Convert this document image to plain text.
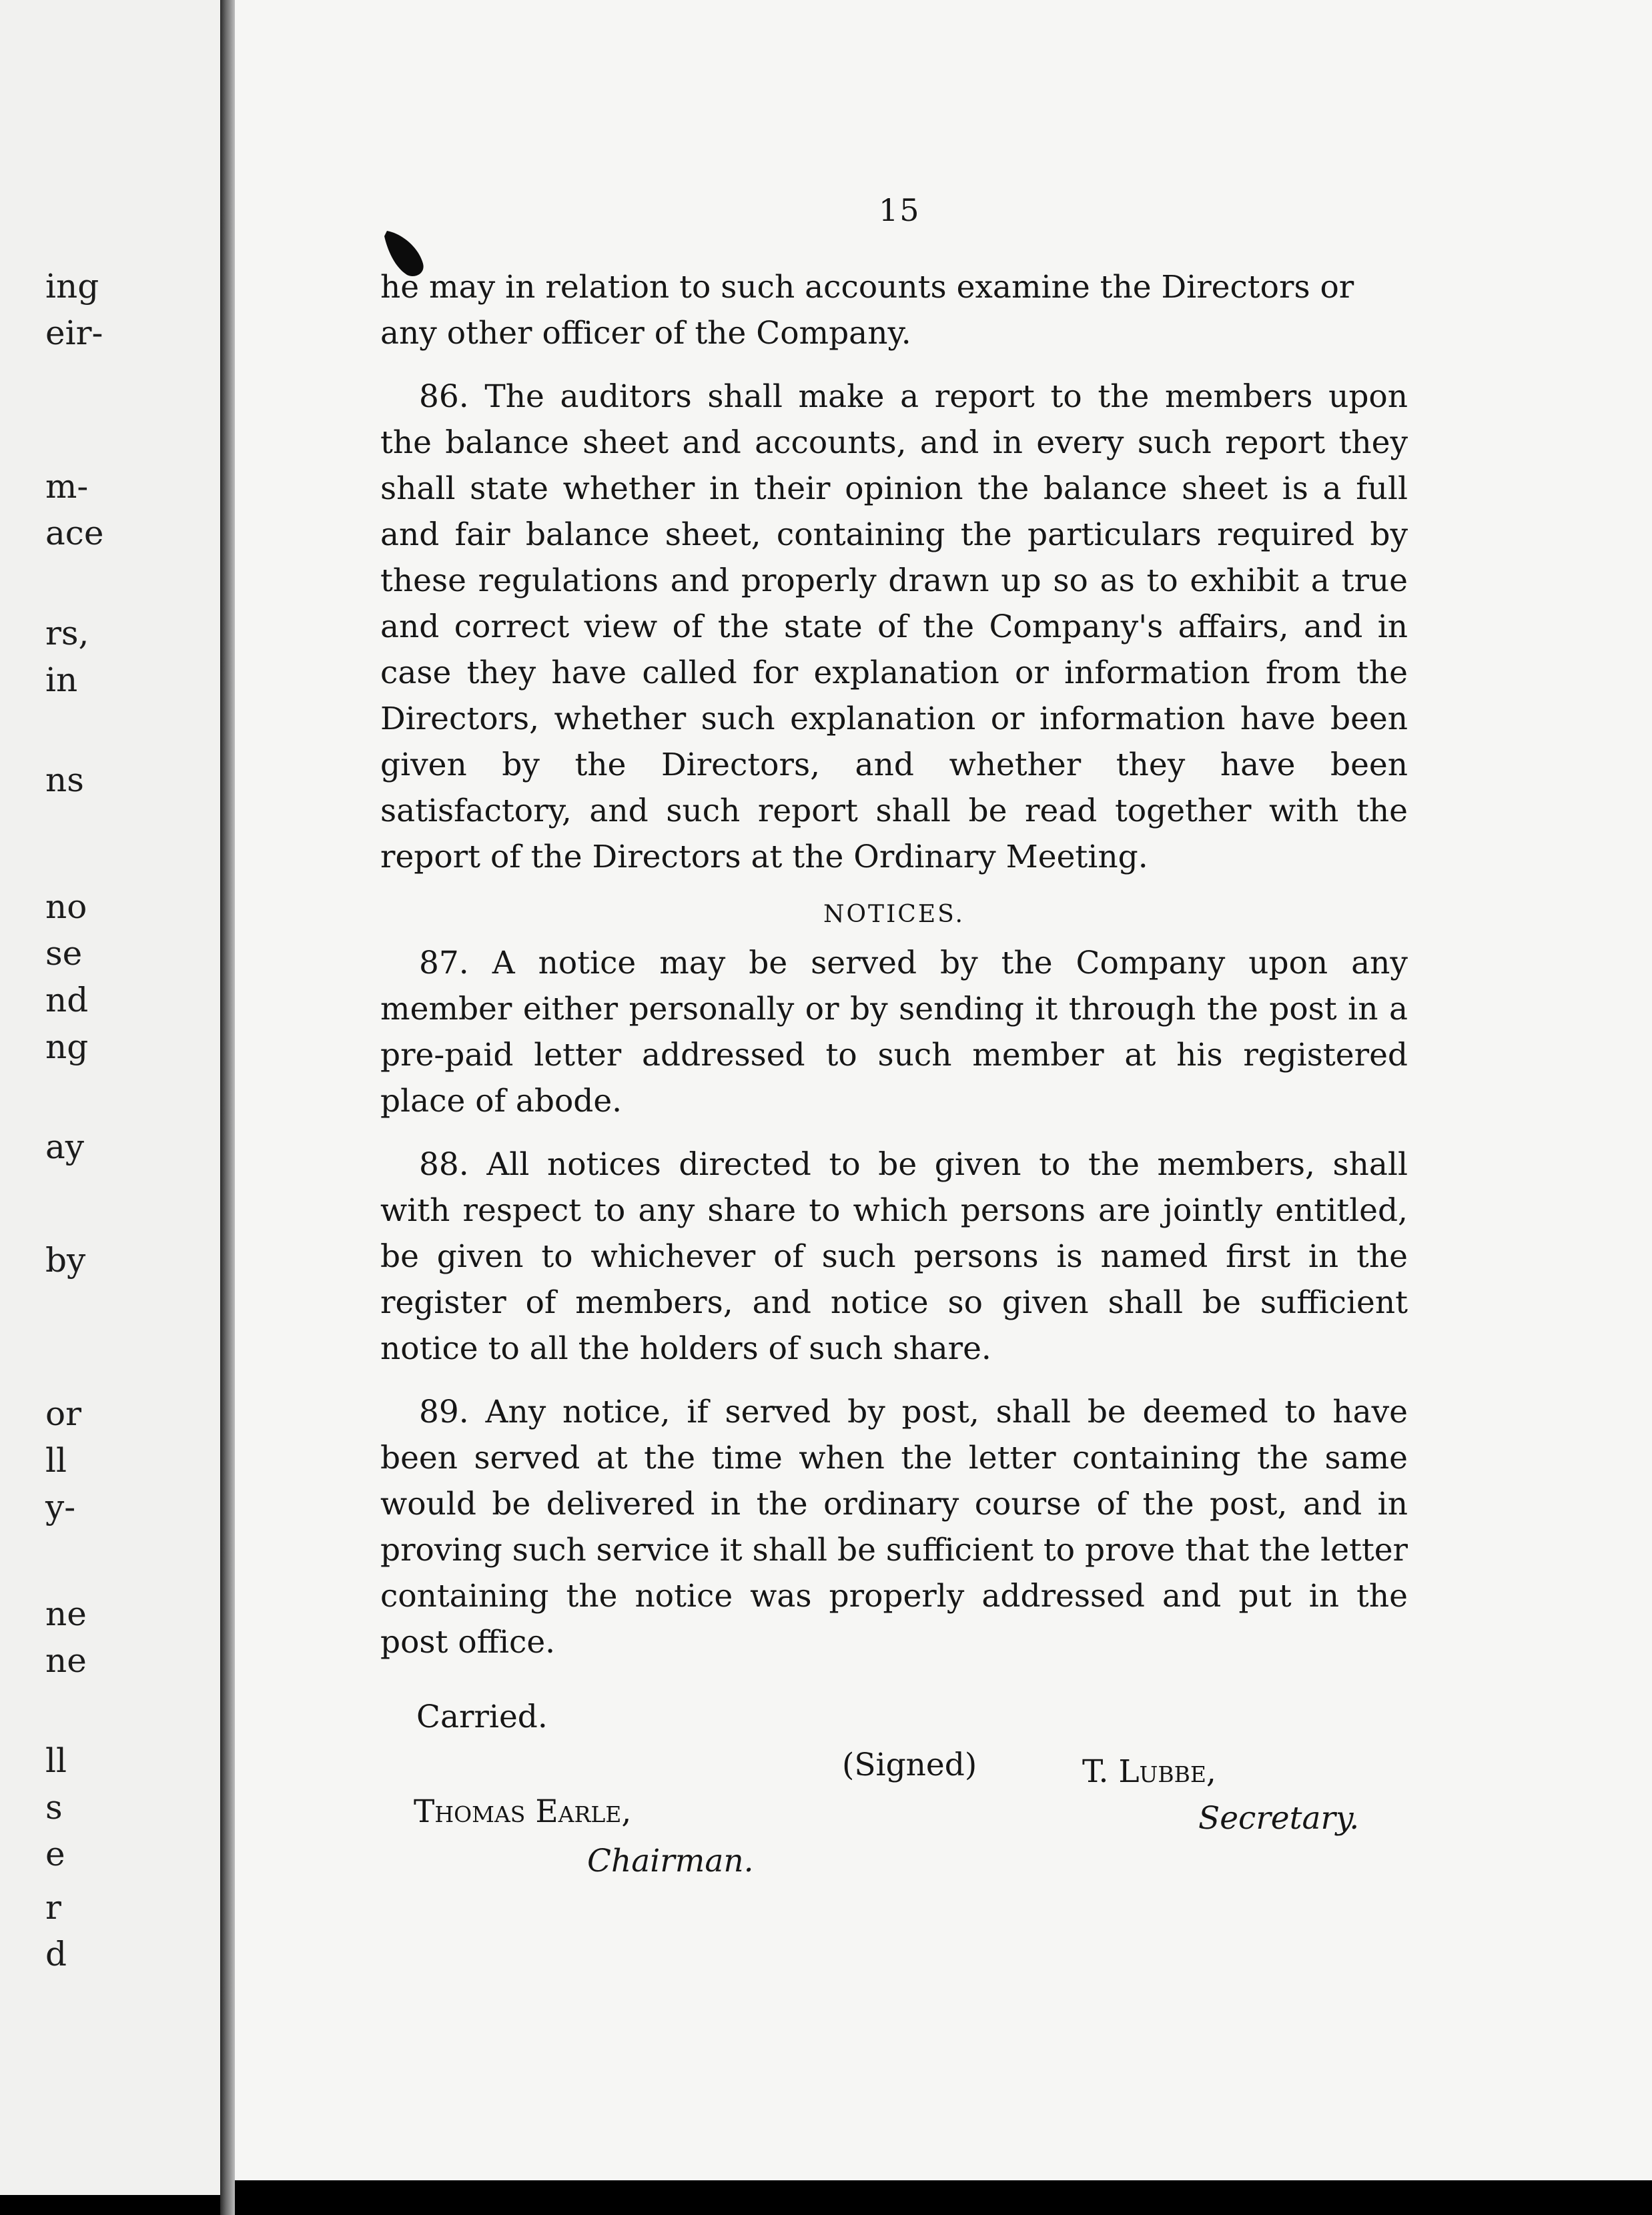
ing
eir-
m-
ace
rs,
in
ns
no
se
nd
ng
ay
by
or
ll
y-
ne
ne
ll
s
e
r
d
15

he may in relation to such accounts examine the Directors or

any other officer of the Company.

86. The auditors shall make a report to the members upon the balance sheet and accounts, and in every such report they shall state whether in their opinion the balance sheet is a full and fair balance sheet, containing the particulars required by these regulations and properly drawn up so as to exhibit a true and correct view of the state of the Company's affairs, and in case they have called for explanation or information from the Directors, whether such explanation or information have been given by the Directors, and whether they have been satisfactory, and such report shall be read together with the report of the Directors at the Ordinary Meeting.

NOTICES.

87. A notice may be served by the Company upon any member either personally or by sending it through the post in a pre-paid letter addressed to such member at his registered place of abode.

88. All notices directed to be given to the members, shall with respect to any share to which persons are jointly entitled, be given to whichever of such persons is named first in the register of members, and notice so given shall be sufficient notice to all the holders of such share.

89. Any notice, if served by post, shall be deemed to have been served at the time when the letter containing the same would be delivered in the ordinary course of the post, and in proving such service it shall be sufficient to prove that the letter containing the notice was properly addressed and put in the post office.

Carried.
(Signed)	T. Lubbe,
Secretary.
Thomas Earle,
Chairman.
